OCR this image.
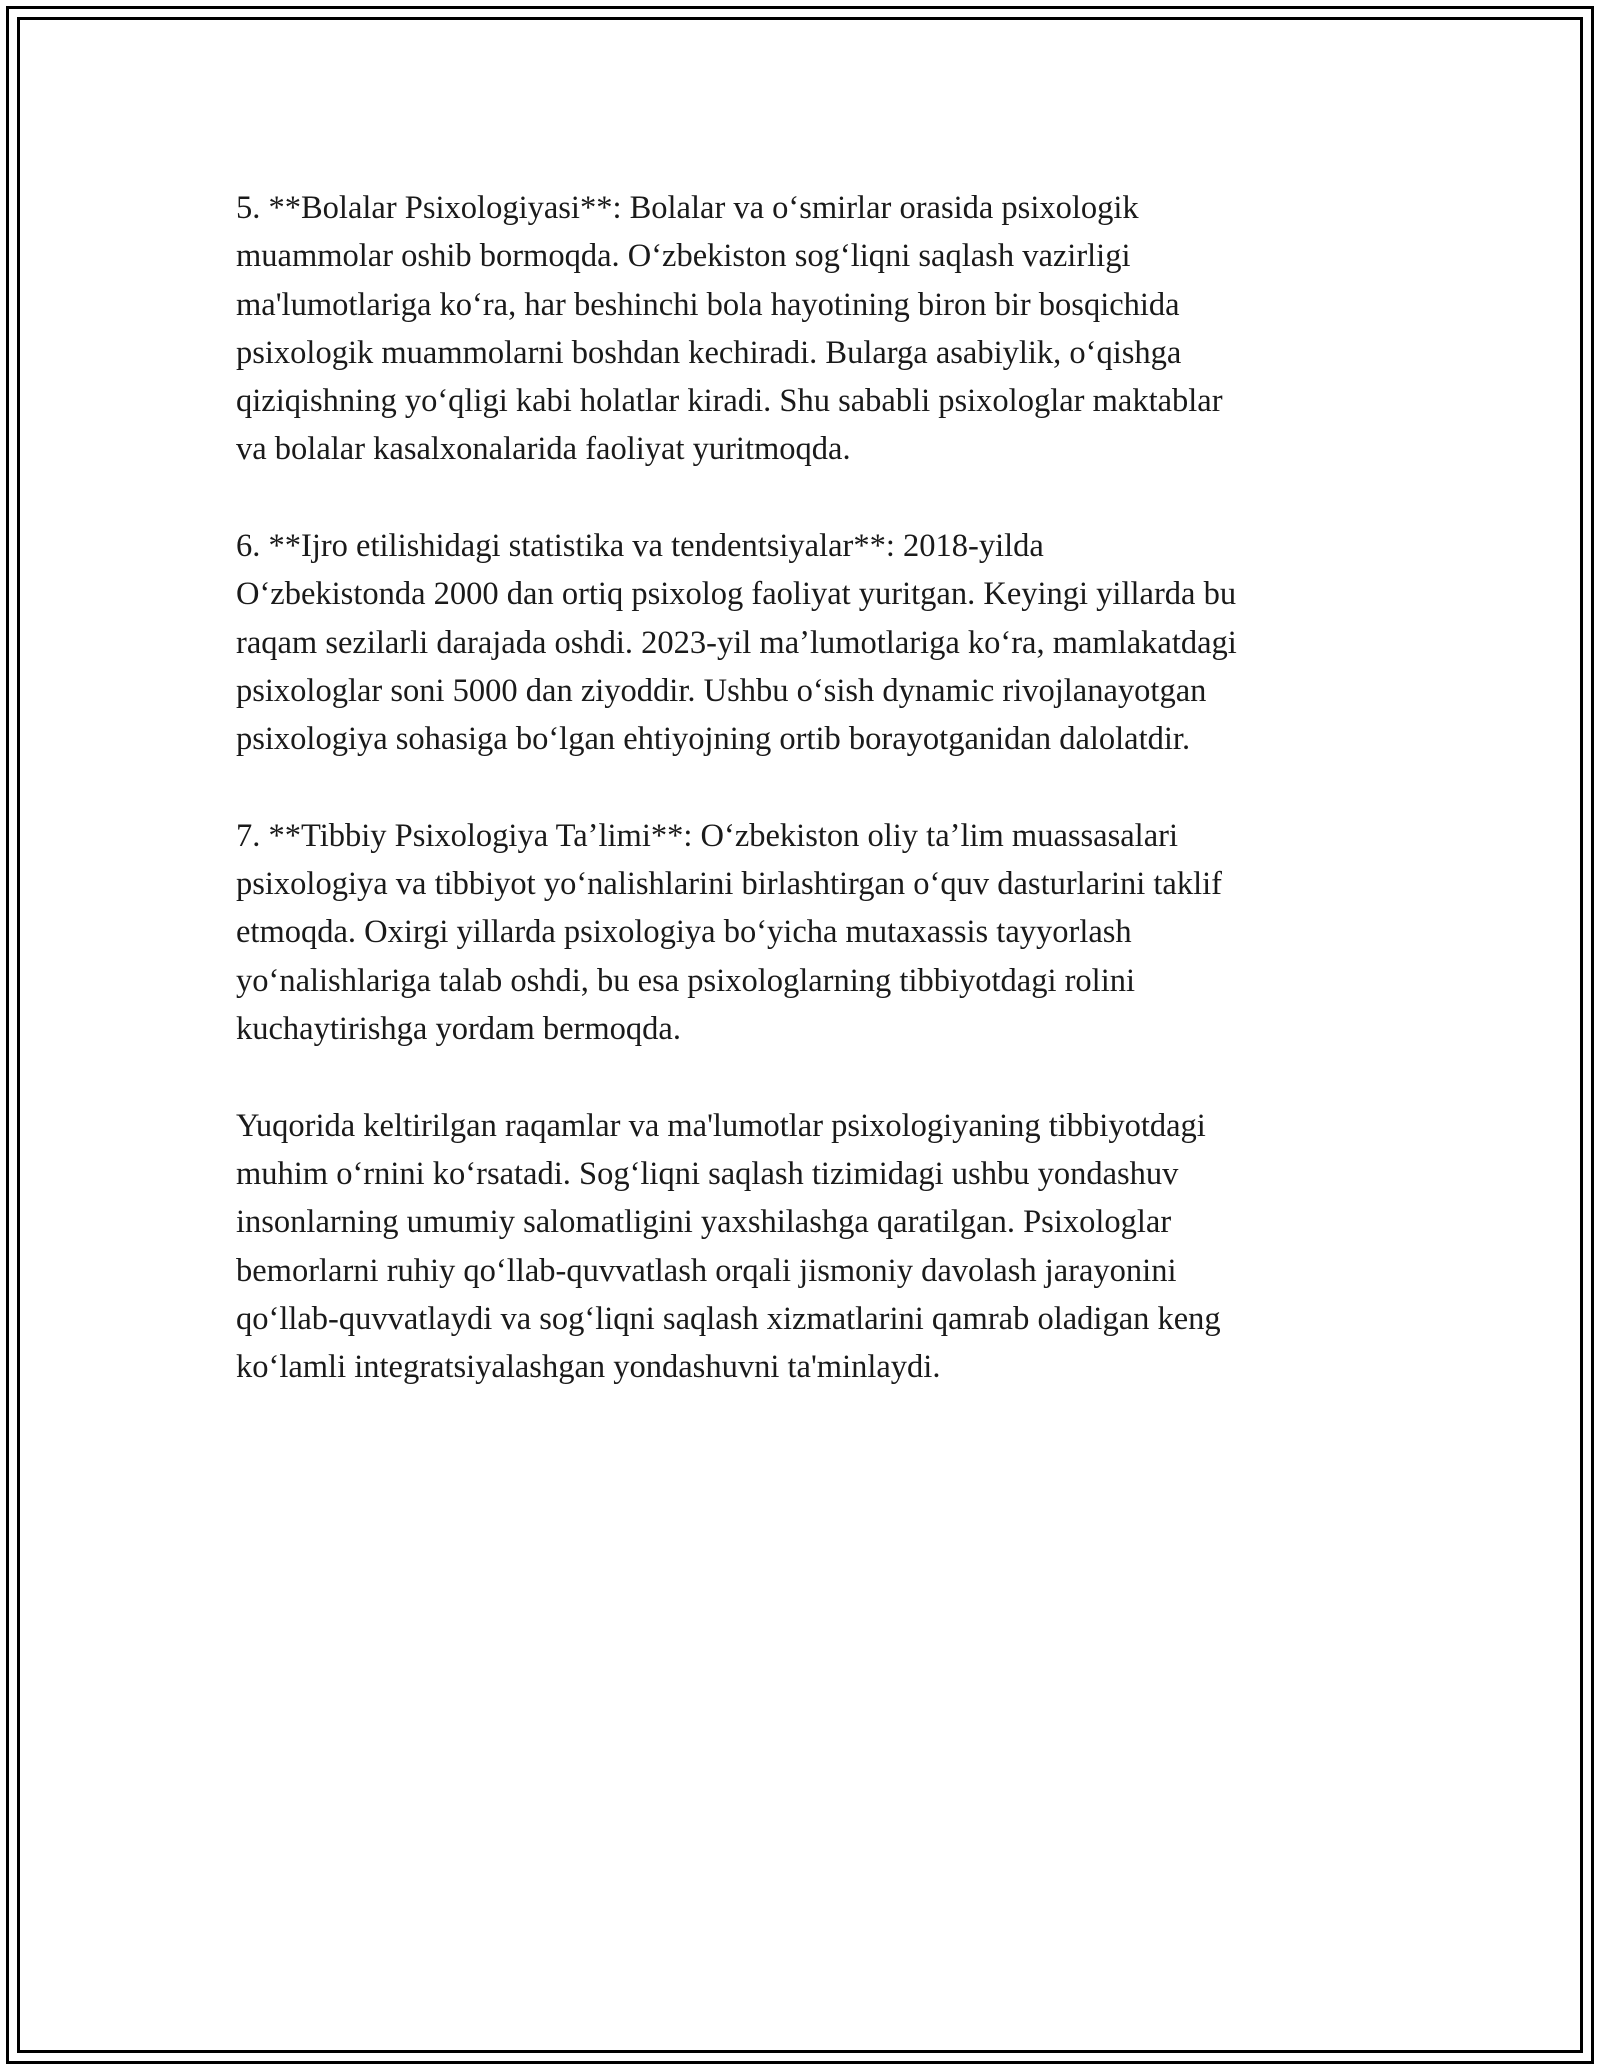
5. **Bolalar Psixologiyasi**: Bolalar va oʻsmirlar orasida psixologik
muammolar oshib bormoqda. Oʻzbekiston sogʻliqni saqlash vazirligi
ma'lumotlariga koʻra, har beshinchi bola hayotining biron bir bosqichida
psixologik muammolarni boshdan kechiradi. Bularga asabiylik, oʻqishga
qiziqishning yoʻqligi kabi holatlar kiradi. Shu sababli psixologlar maktablar
va bolalar kasalxonalarida faoliyat yuritmoqda.

6. **Ijro etilishidagi statistika va tendentsiyalar**: 2018-yilda
Oʻzbekistonda 2000 dan ortiq psixolog faoliyat yuritgan. Keyingi yillarda bu
raqam sezilarli darajada oshdi. 2023-yil maʼlumotlariga koʻra, mamlakatdagi
psixologlar soni 5000 dan ziyoddir. Ushbu oʻsish dynamic rivojlanayotgan
psixologiya sohasiga boʻlgan ehtiyojning ortib borayotganidan dalolatdir.

7. **Tibbiy Psixologiya Taʼlimi**: Oʻzbekiston oliy taʼlim muassasalari
psixologiya va tibbiyot yoʻnalishlarini birlashtirgan oʻquv dasturlarini taklif
etmoqda. Oxirgi yillarda psixologiya boʻyicha mutaxassis tayyorlash
yoʻnalishlariga talab oshdi, bu esa psixologlarning tibbiyotdagi rolini
kuchaytirishga yordam bermoqda.

Yuqorida keltirilgan raqamlar va ma'lumotlar psixologiyaning tibbiyotdagi
muhim oʻrnini koʻrsatadi. Sogʻliqni saqlash tizimidagi ushbu yondashuv
insonlarning umumiy salomatligini yaxshilashga qaratilgan. Psixologlar
bemorlarni ruhiy qoʻllab-quvvatlash orqali jismoniy davolash jarayonini
qoʻllab-quvvatlaydi va sogʻliqni saqlash xizmatlarini qamrab oladigan keng
koʻlamli integratsiyalashgan yondashuvni ta'minlaydi.
